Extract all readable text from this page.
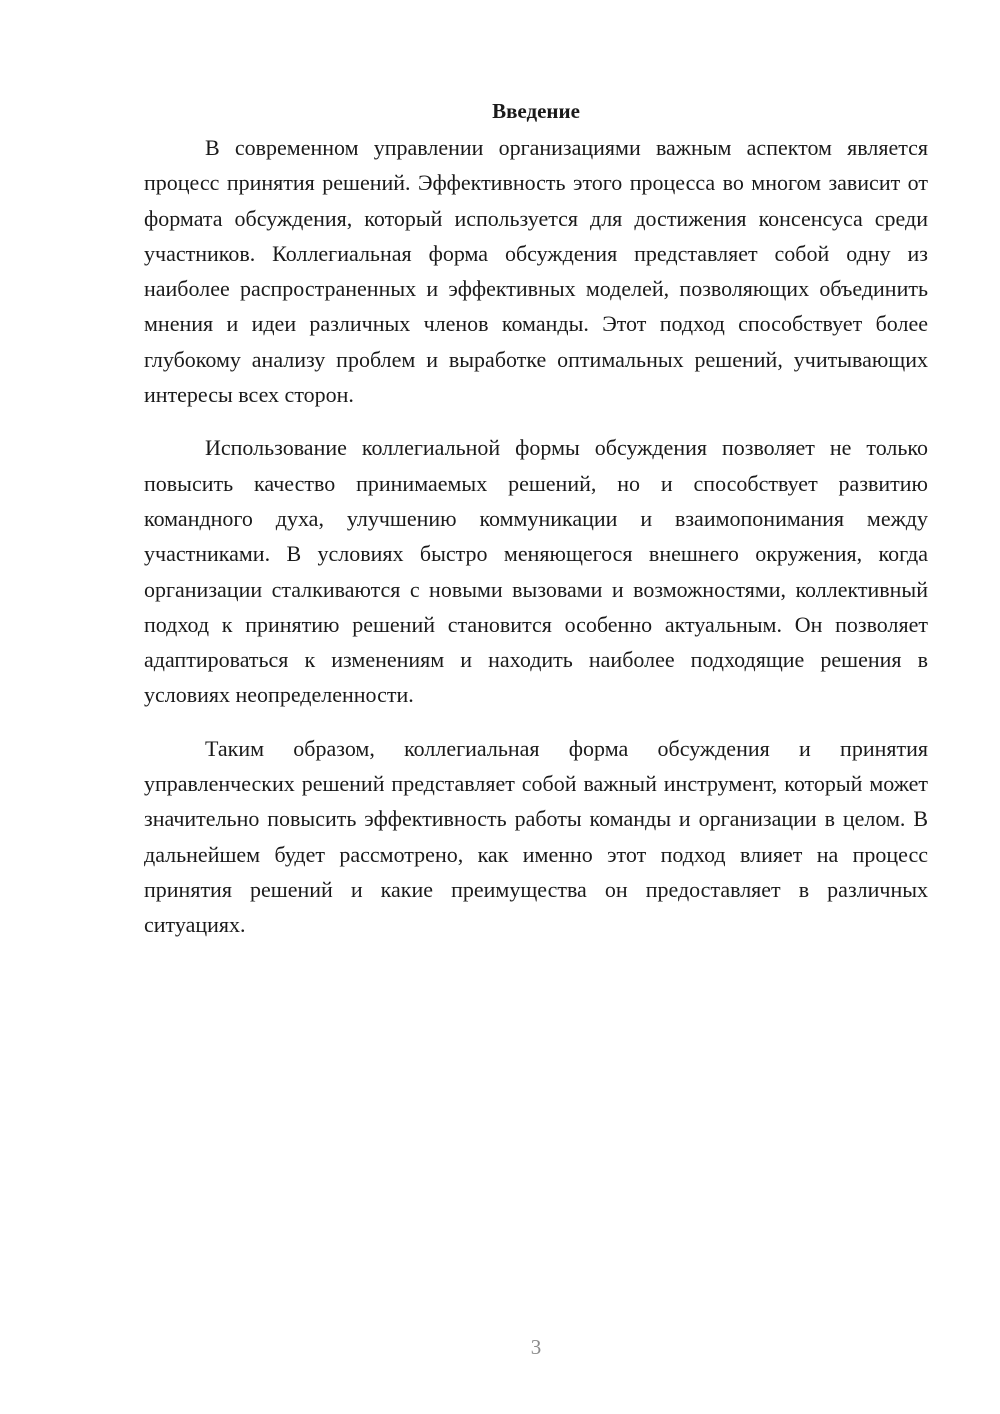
Введение

В современном управлении организациями важным аспектом является процесс принятия решений. Эффективность этого процесса во многом зависит от формата обсуждения, который используется для достижения консенсуса среди участников. Коллегиальная форма обсуждения представляет собой одну из наиболее распространенных и эффективных моделей, позволяющих объединить мнения и идеи различных членов команды. Этот подход способствует более глубокому анализу проблем и выработке оптимальных решений, учитывающих интересы всех сторон.

Использование коллегиальной формы обсуждения позволяет не только повысить качество принимаемых решений, но и способствует развитию командного духа, улучшению коммуникации и взаимопонимания между участниками. В условиях быстро меняющегося внешнего окружения, когда организации сталкиваются с новыми вызовами и возможностями, коллективный подход к принятию решений становится особенно актуальным. Он позволяет адаптироваться к изменениям и находить наиболее подходящие решения в условиях неопределенности.

Таким образом, коллегиальная форма обсуждения и принятия управленческих решений представляет собой важный инструмент, который может значительно повысить эффективность работы команды и организации в целом. В дальнейшем будет рассмотрено, как именно этот подход влияет на процесс принятия решений и какие преимущества он предоставляет в различных ситуациях.

3
